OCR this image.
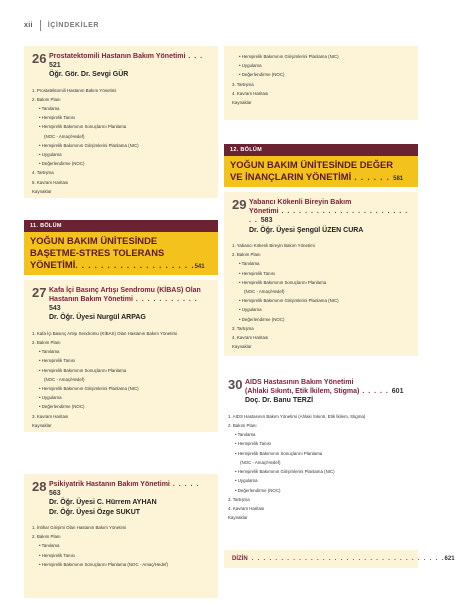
xii İÇİNDEKİLER
26 Prostatektomili Hastanın Bakım Yönetimi . . . 521
Öğr. Gör. Dr. Sevgi GÜR
1. Prostatektomili Hastanın Bakım Yönetimi
2. Bakım Planı
• Tanılama
• Hemşirelik Tanısı
• Hemşirelik Bakımının Sonuçlarını Planlama
(NOC - Amaç/Hedef)
• Hemşirelik Bakımının Girişimlerini Planlama (NIC)
• Uygulama
• Değerlendirme (NOC)
4. Tartışma
5. Kavram Haritası
Kaynaklar
11. BÖLÜM
YOĞUN BAKIM ÜNİTESİNDE
BAŞETME-STRES TOLERANS
YÖNETİMİ. . . . . . . . . . . . . . . . . . .541
27 Kafa İçi Basınç Artışı Sendromu (KİBAS) Olan
Hastanın Bakım Yönetimi . . . . . . . . . . . 543
Dr. Öğr. Üyesi Nurgül ARPAG
1. Kafa İçi Basınç Artışı Sendromu (KİBAS) Olan Hastanın Bakım Yönetimi
2. Bakım Planı
• Tanılama
• Hemşirelik Tanısı
• Hemşirelik Bakımının Sonuçlarını Planlama
(NOC - Amaç/Hedef)
• Hemşirelik Bakımının Girişimlerini Planlama (NIC)
• Uygulama
• Değerlendirme (NOC)
3. Kavram Haritası
Kaynaklar
28 Psikiyatrik Hastanın Bakım Yönetimi . . . . . 563
Dr. Öğr. Üyesi C. Hürrem AYHAN
Dr. Öğr. Üyesi Özge SUKUT
1. İntihar Girişimi Olan Hastanın Bakım Yönetimi
2. Bakım Planı
• Tanılama
• Hemşirelik Tanısı
• Hemşirelik Bakımının Sonuçlarını Planlama (NOC - Amaç/Hedef)
• Hemşirelik Bakımının Girişimlerini Planlama (NIC)
• Uygulama
• Değerlendirme (NOC)
3. Tartışma
4. Kavram Haritası
Kaynaklar
12. BÖLÜM
YOĞUN BAKIM ÜNİTESİNDE DEĞER
VE İNANÇLARIN YÖNETİMİ . . . . . . 581
29 Yabancı Kökenli Bireyin Bakım
Yönetimi . . . . . . . . . . . . . . . . . . . . . . . . 583
Dr. Öğr. Üyesi Şengül ÜZEN CURA
1. Yabancı Kökenli Bireyin Bakım Yönetimi
2. Bakım Planı
• Tanılama
• Hemşirelik Tanısı
• Hemşirelik Bakımının Sonuçlarını Planlama
(NOC - Amaç/Hedef)
• Hemşirelik Bakımının Girişimlerini Planlama (NIC)
• Uygulama
• Değerlendirme (NOC)
3. Tartışma
4. Kavram Haritası
Kaynaklar
30 AIDS Hastasının Bakım Yönetimi
(Ahlaki Sıkıntı, Etik İkilem, Stigma) . . . . . 601
Doç. Dr. Banu TERZİ
1. AIDS Hastasının Bakım Yönetimi (Ahlaki Sıkıntı, Etik İkilem, Stigma)
2. Bakım Planı
• Tanılama
• Hemşirelik Tanısı
• Hemşirelik Bakımının Sonuçlarını Planlama
(NOC - Amaç/Hedef)
• Hemşirelik Bakımının Girişimlerini Planlama (NIC)
• Uygulama
• Değerlendirme (NOC)
3. Tartışma
4. Kavram Haritası
Kaynaklar
DİZİN . . . . . . . . . . . . . . . . . . . . . . . . . . . . . . . . . 621
